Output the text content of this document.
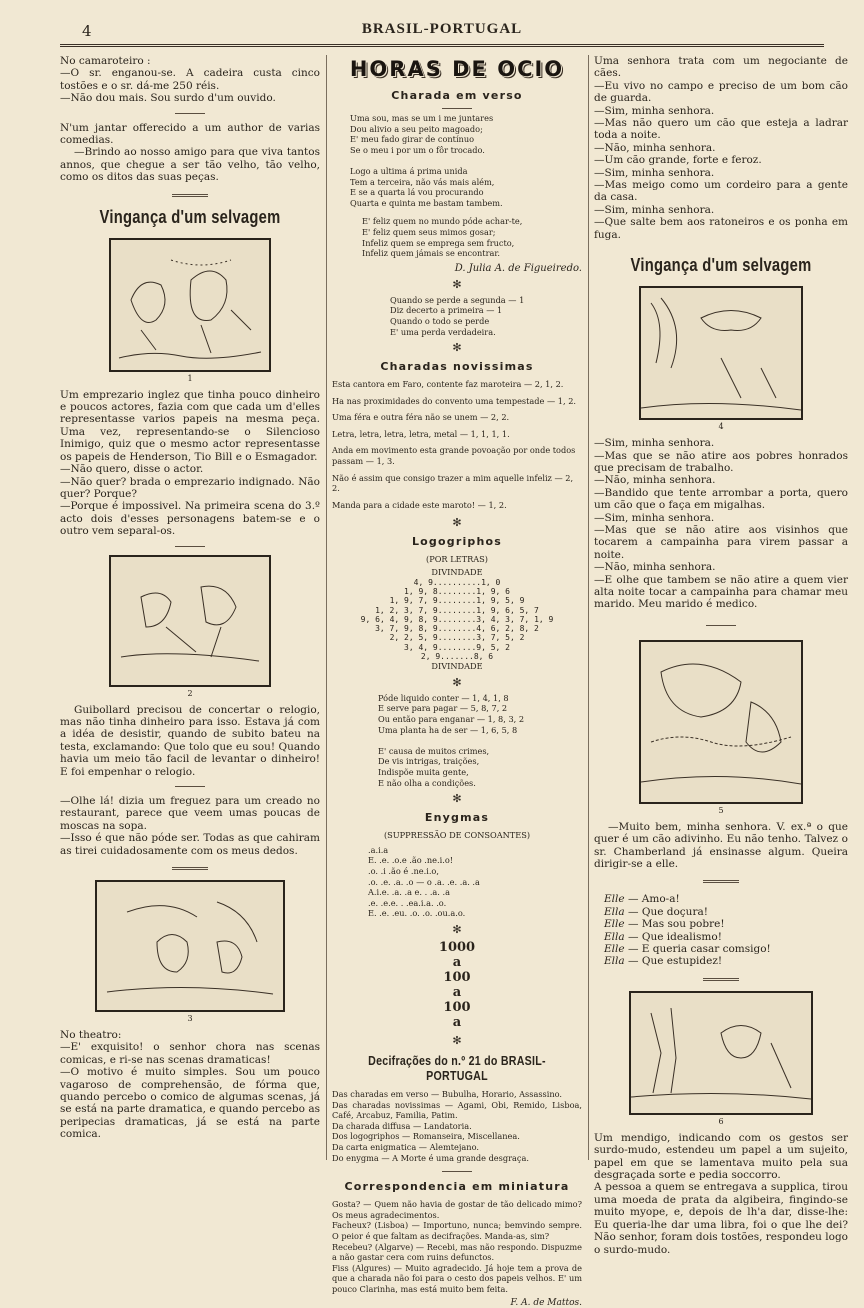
4	BRASIL-PORTUGAL

No camaroteiro :
—O sr. enganou-se. A cadeira custa cinco tostões e o sr. dá-me 250 réis.
—Não dou mais. Sou surdo d'um ouvido.

N'um jantar offerecido a um author de varias comedias.

—Brindo ao nosso amigo para que viva tantos annos, que chegue a ser tão velho, tão velho, como os ditos das suas peças.

Vingança d'um selvagem
1

Um emprezario inglez que tinha pouco dinheiro e poucos actores, fazia com que cada um d'elles representasse varios papeis na mesma peça. Uma vez, representando-se o Silencioso Inimigo, quiz que o mesmo actor representasse os papeis de Henderson, Tio Bill e o Esmagador.
—Não quero, disse o actor.
—Não quer? brada o emprezario indignado. Não quer? Porque?
—Porque é impossivel. Na primeira scena do 3.º acto dois d'esses personagens batem-se e o outro vem separal-os.

2

Guibollard precisou de concertar o relogio, mas não tinha dinheiro para isso. Estava já com a idéa de desistir, quando de subito bateu na testa, exclamando: Que tolo que eu sou! Quando havia um meio tão facil de levantar o dinheiro! E foi empenhar o relogio.

—Olhe lá! dizia um freguez para um creado no restaurant, parece que veem umas poucas de moscas na sopa.
—Isso é que não póde ser. Todas as que cahiram as tirei cuidadosamente com os meus dedos.

3

No theatro:
—E' exquisito! o senhor chora nas scenas comicas, e ri-se nas scenas dramaticas!
—O motivo é muito simples. Sou um pouco vagaroso de comprehensão, de fórma que, quando percebo o comico de algumas scenas, já se está na parte dramatica, e quando percebo as peripecias dramaticas, já se está na parte comica.

HORAS DE OCIO
Charada em verso

Uma sou, mas se um i me juntares
Dou alivio a seu peito magoado;
E' meu fado girar de contínuo
Se o meu i por um o fôr trocado.

Logo a ultima á prima unida
Tem a terceira, não vás mais além,
E se a quarta lá vou procurando
Quarta e quinta me bastam tambem.

E' feliz quem no mundo póde achar-te,
E' feliz quem seus mimos gosar;
Infeliz quem se emprega sem fructo,
Infeliz quem jámais se encontrar.

D. Julia A. de Figueiredo.
✻

Quando se perde a segunda — 1
Diz decerto a primeira — 1
Quando o todo se perde
E' uma perda verdadeira.

✻
Charadas novissimas

Esta cantora em Faro, contente faz maroteira — 2, 1, 2.

Ha nas proximidades do convento uma tempestade — 1, 2.

Uma féra e outra féra não se unem — 2, 2.

Letra, letra, letra, letra, metal — 1, 1, 1, 1.

Anda em movimento esta grande povoação por onde todos passam — 1, 3.

Não é assim que consigo trazer a mim aquelle infeliz — 2, 2.

Manda para a cidade este maroto! — 1, 2.

✻
Logogriphos
(POR LETRAS)
DIVINDADE

4, 9..........1, 0
1, 9, 8........1, 9, 6
1, 9, 7, 9........1, 9, 5, 9
1, 2, 3, 7, 9........1, 9, 6, 5, 7
9, 6, 4, 9, 8, 9........3, 4, 3, 7, 1, 9
3, 7, 9, 8, 9........4, 6, 2, 8, 2
2, 2, 5, 9........3, 7, 5, 2
3, 4, 9........9, 5, 2
2, 9.......8, 6

DIVINDADE
✻

Póde liquido conter — 1, 4, 1, 8
E serve para pagar — 5, 8, 7, 2
Ou então para enganar — 1, 8, 3, 2
Uma planta ha de ser — 1, 6, 5, 8

E' causa de muitos crimes,
De vis intrigas, traições,
Indispõe muita gente,
E não olha a condições.

✻
Enygmas
(SUPPRESSÃO DE CONSOANTES)

.a.i.a
E. .e. .o.e .ão .ne.i.o!
.o. .i .ão é .ne.i.o,
.o. .e. .a. .o — o .a. .e. .a. .a
A.i.e. .a. .a e. . .a. .a
.e. .e.e. . .ea.i.a. .o.
E. .e. .eu. .o. .o. .ou.a.o.

✻
1000
a
100
a
100
a
✻
Decifrações do n.º 21 do BRASIL-PORTUGAL

Das charadas em verso — Bubulha, Horario, Assassino.
Das charadas novissimas — Agami, Obi, Remido, Lisboa, Café, Arcabuz, Familia, Patim.
Da charada diffusa — Landatoria.
Dos logogriphos — Romanseira, Miscellanea.
Da carta enigmatica — Alemtejano.
Do enygma — A Morte é uma grande desgraça.

Correspondencia em miniatura

Gosta? — Quem não havia de gostar de tão delicado mimo? Os meus agradecimentos.
Facheux? (Lisboa) — Importuno, nunca; bemvindo sempre. O peior é que faltam as decifrações. Manda-as, sim?
Recebeu? (Algarve) — Recebi, mas não respondo. Dispuzme a não gastar cera com ruins defunctos.
Fiss (Algures) — Muito agradecido. Já hoje tem a prova de que a charada não foi para o cesto dos papeis velhos. E' um pouco Clarinha, mas está muito bem feita.

F. A. de Mattos.

Uma senhora trata com um negociante de cães.
—Eu vivo no campo e preciso de um bom cão de guarda.
—Sim, minha senhora.
—Mas não quero um cão que esteja a ladrar toda a noite.
—Não, minha senhora.
—Um cão grande, forte e feroz.
—Sim, minha senhora.
—Mas meigo como um cordeiro para a gente da casa.
—Sim, minha senhora.
—Que salte bem aos ratoneiros e os ponha em fuga.

Vingança d'um selvagem
4

—Sim, minha senhora.
—Mas que se não atire aos pobres honrados que precisam de trabalho.
—Não, minha senhora.
—Bandido que tente arrombar a porta, quero um cão que o faça em migalhas.
—Sim, minha senhora.
—Mas que se não atire aos visinhos que tocarem a campainha para virem passar a noite.
—Não, minha senhora.
—E olhe que tambem se não atire a quem vier alta noite tocar a campainha para chamar meu marido. Meu marido é medico.

5

—Muito bem, minha senhora. V. ex.ª o que quer é um cão adivinho. Eu não tenho. Talvez o sr. Chamberland já ensinasse algum. Queira dirigir-se a elle.

Elle — Amo-a!

Ella — Que doçura!

Elle — Mas sou pobre!

Ella — Que idealismo!

Elle — E queria casar comsigo!

Ella — Que estupidez!

6

Um mendigo, indicando com os gestos ser surdo-mudo, estendeu um papel a um sujeito, papel em que se lamentava muito pela sua desgraçada sorte e pedia soccorro.
A pessoa a quem se entregava a supplica, tirou uma moeda de prata da algibeira, fingindo-se muito myope, e, depois de lh'a dar, disse-lhe: Eu queria-lhe dar uma libra, foi o que lhe dei? Não senhor, foram dois tostões, respondeu logo o surdo-mudo.
